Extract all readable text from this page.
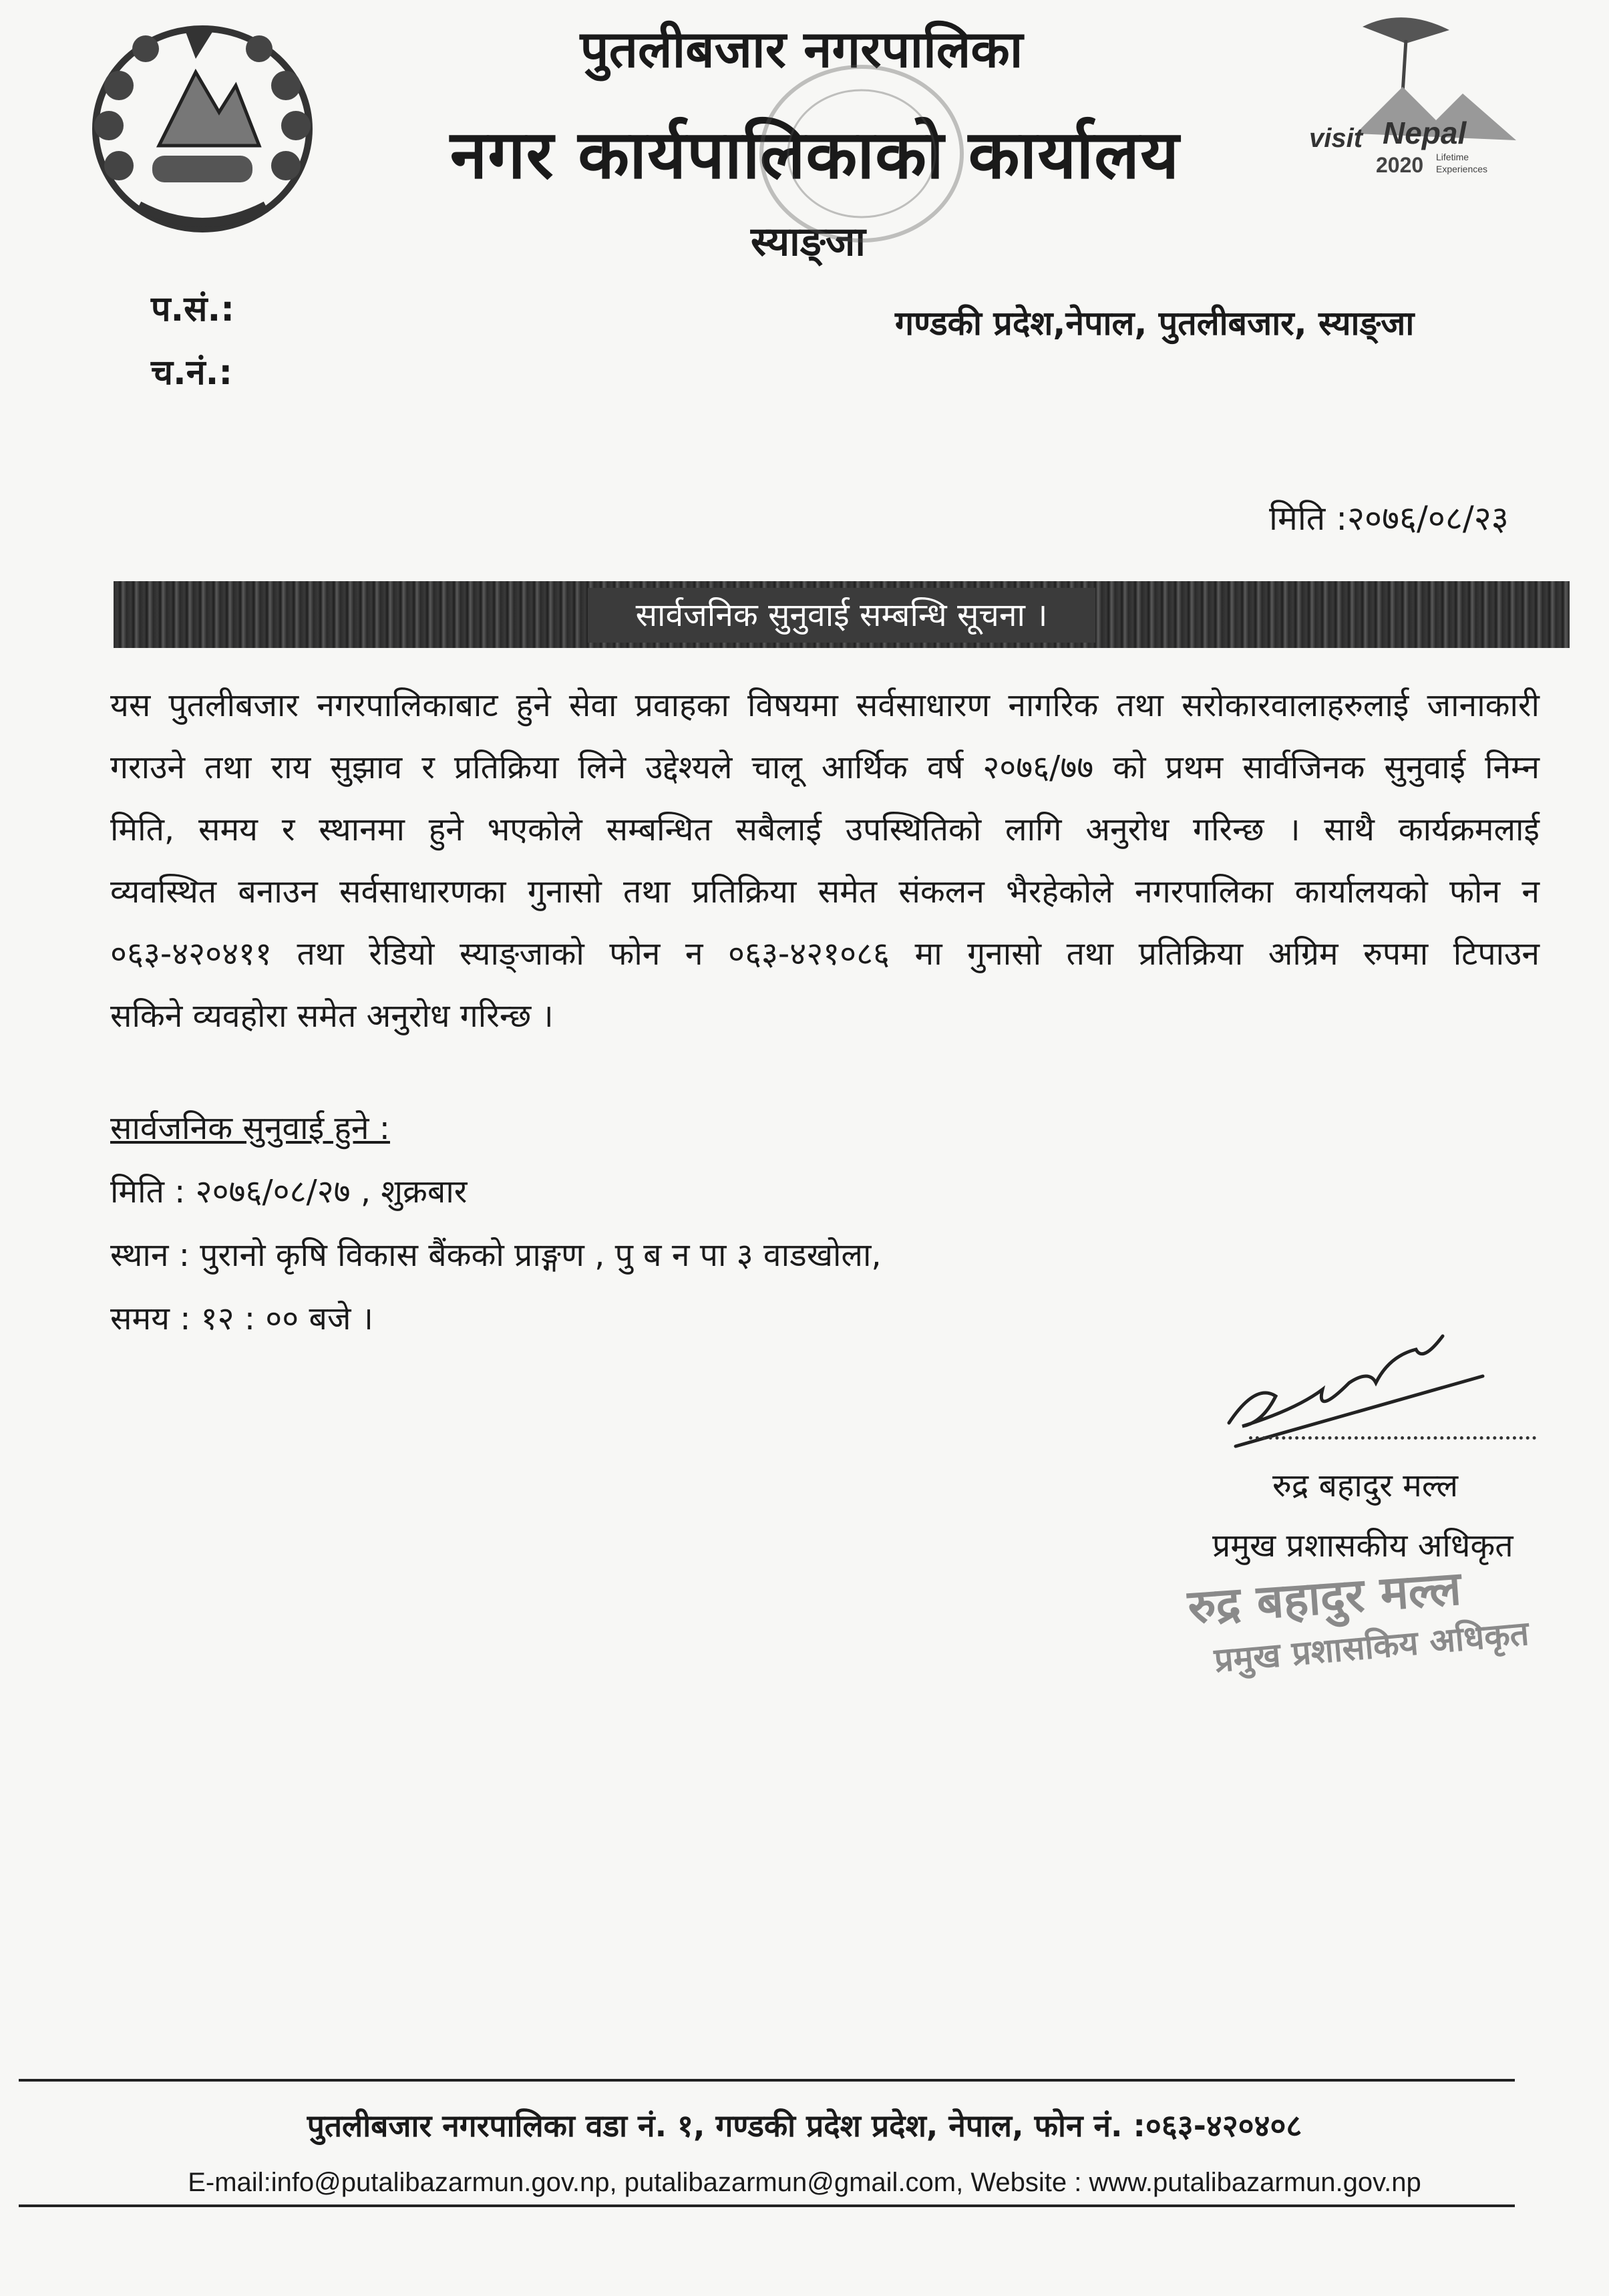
पुतलीबजार नगरपालिका
नगर कार्यपालिकाको कार्यालय
स्याङ्जा
visit Nepal
2020 Lifetime
Experiences
प.सं.:
च.नं.:
गण्डकी प्रदेश,नेपाल, पुतलीबजार, स्याङ्जा
मिति :२०७६/०८/२३
सार्वजनिक सुनुवाई सम्बन्धि सूचना ।
यस पुतलीबजार नगरपालिकाबाट हुने सेवा प्रवाहका विषयमा सर्वसाधारण नागरिक तथा सरोकारवालाहरुलाई जानाकारी
गराउने तथा राय सुझाव र प्रतिक्रिया लिने उद्देश्यले चालू आर्थिक वर्ष २०७६/७७ को प्रथम सार्वजिनक सुनुवाई निम्न
मिति, समय र स्थानमा हुने भएकोले सम्बन्धित सबैलाई उपस्थितिको लागि अनुरोध गरिन्छ । साथै कार्यक्रमलाई
व्यवस्थित बनाउन सर्वसाधारणका गुनासो तथा प्रतिक्रिया समेत संकलन भैरहेकोले नगरपालिका कार्यालयको फोन न
०६३-४२०४११ तथा रेडियो स्याङ्जाको फोन न ०६३-४२१०८६ मा गुनासो तथा प्रतिक्रिया अग्रिम रुपमा टिपाउन
सकिने व्यवहोरा समेत अनुरोध गरिन्छ ।
सार्वजनिक सुनुवाई हुने :
मिति : २०७६/०८/२७ , शुक्रबार
स्थान : पुरानो कृषि विकास बैंकको प्राङ्गण , पु ब न पा ३ वाडखोला,
समय : १२ : ०० बजे ।
रुद्र बहादुर मल्ल
प्रमुख प्रशासकीय अधिकृत
रुद्र बहादुर मल्ल
प्रमुख प्रशासकिय अधिकृत
पुतलीबजार नगरपालिका वडा नं. १, गण्डकी प्रदेश प्रदेश, नेपाल, फोन नं. :०६३-४२०४०८
E-mail:info@putalibazarmun.gov.np, putalibazarmun@gmail.com, Website : www.putalibazarmun.gov.np
